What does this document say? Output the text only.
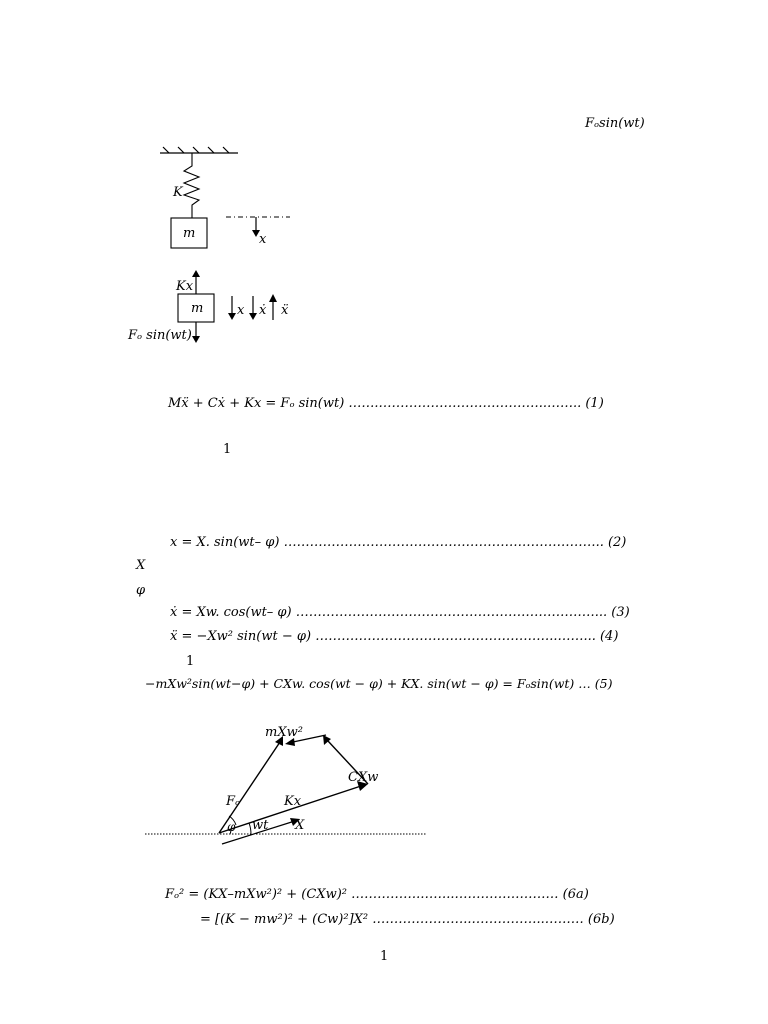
Fₒsin(wt)
K
m	x
Kx
m
Fₒ sin(wt)
x ẋ ẍ
Mẍ + Cẋ + Kx = Fₒ sin(wt) …….……………………….………..…….. (1)
1
x = X. sin(wt– φ) ……………………………………………………………….. (2)
X
φ
ẋ = Xw. cos(wt– φ) ……………………………………………………………... (3)
ẍ = −Xw² sin(wt − φ) ………………………………………………..……... (4)
1
−mXw²sin(wt−φ) + CXw. cos(wt − φ) + KX. sin(wt − φ) = Fₒsin(wt) … (5)
mXw²
CXw
Fₒ	Kx
φ wt X
Fₒ² = (KX–mXw²)² + (CXw)² …………….……..…………………… (6a)
= [(K − mw²)² + (Cw)²]X² …………………..……………..……… (6b)
1
